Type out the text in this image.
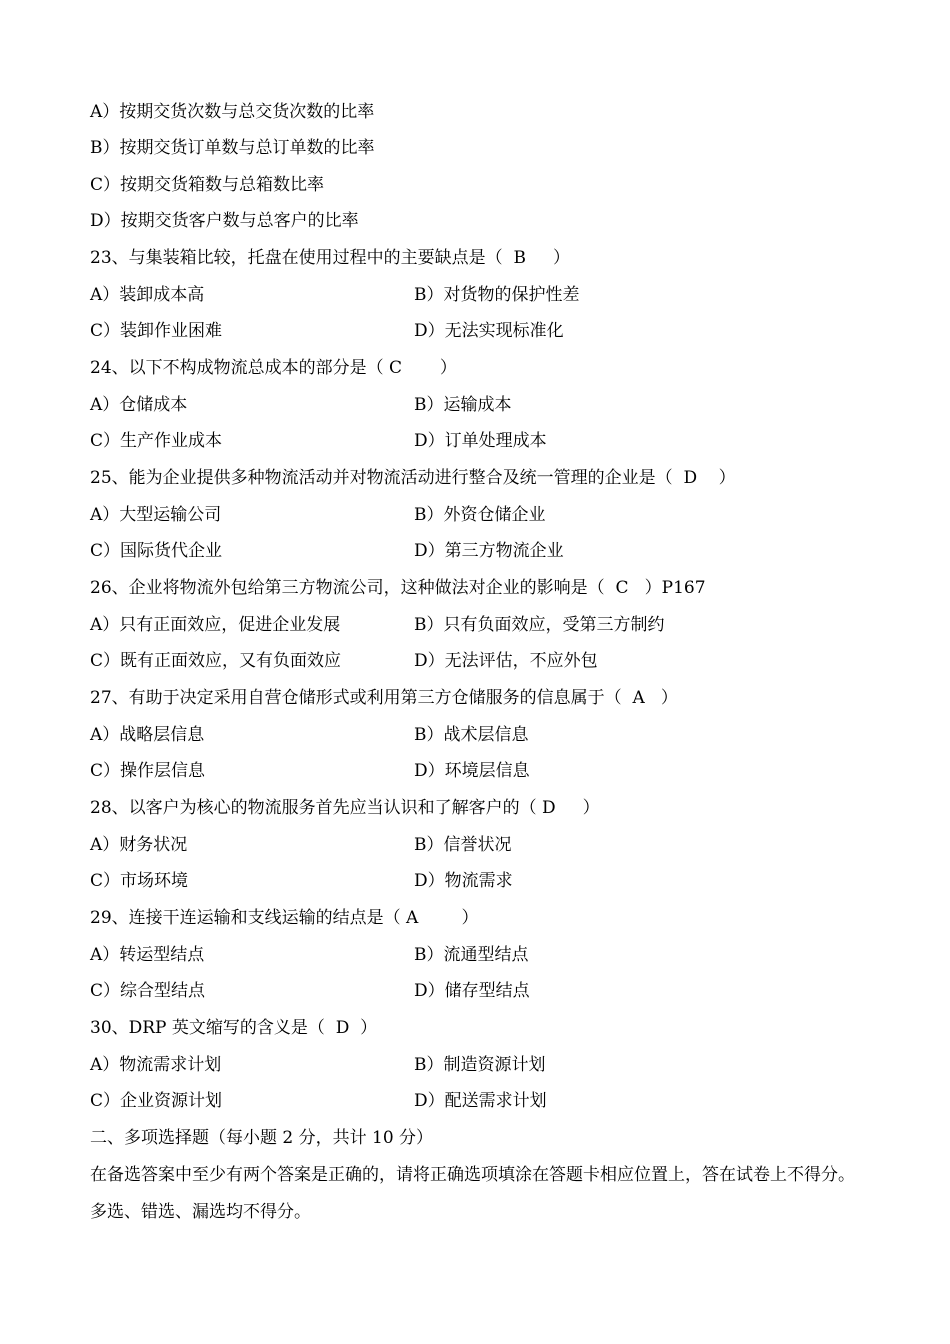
A）按期交货次数与总交货次数的比率
B）按期交货订单数与总订单数的比率
C）按期交货箱数与总箱数比率
D）按期交货客户数与总客户的比率
23、与集装箱比较，托盘在使用过程中的主要缺点是（  B     ）
A）装卸成本高	B）对货物的保护性差
C）装卸作业困难	D）无法实现标准化
24、以下不构成物流总成本的部分是（ C       ）
A）仓储成本	B）运输成本
C）生产作业成本	D）订单处理成本
25、能为企业提供多种物流活动并对物流活动进行整合及统一管理的企业是（  D    ）
A）大型运输公司	B）外资仓储企业
C）国际货代企业	D）第三方物流企业
26、企业将物流外包给第三方物流公司，这种做法对企业的影响是（  C   ）P167
A）只有正面效应，促进企业发展	B）只有负面效应，受第三方制约
C）既有正面效应，又有负面效应	D）无法评估，不应外包
27、有助于决定采用自营仓储形式或利用第三方仓储服务的信息属于（  A   ）
A）战略层信息	B）战术层信息
C）操作层信息	D）环境层信息
28、以客户为核心的物流服务首先应当认识和了解客户的（ D     ）
A）财务状况	B）信誉状况
C）市场环境	D）物流需求
29、连接干连运输和支线运输的结点是（ A        ）
A）转运型结点	B）流通型结点
C）综合型结点	D）储存型结点
30、DRP 英文缩写的含义是（  D  ）
A）物流需求计划	B）制造资源计划
C）企业资源计划	D）配送需求计划
二、多项选择题（每小题 2 分，共计 10 分）
在备选答案中至少有两个答案是正确的，请将正确选项填涂在答题卡相应位置上，答在试卷上不得分。多选、错选、漏选均不得分。
